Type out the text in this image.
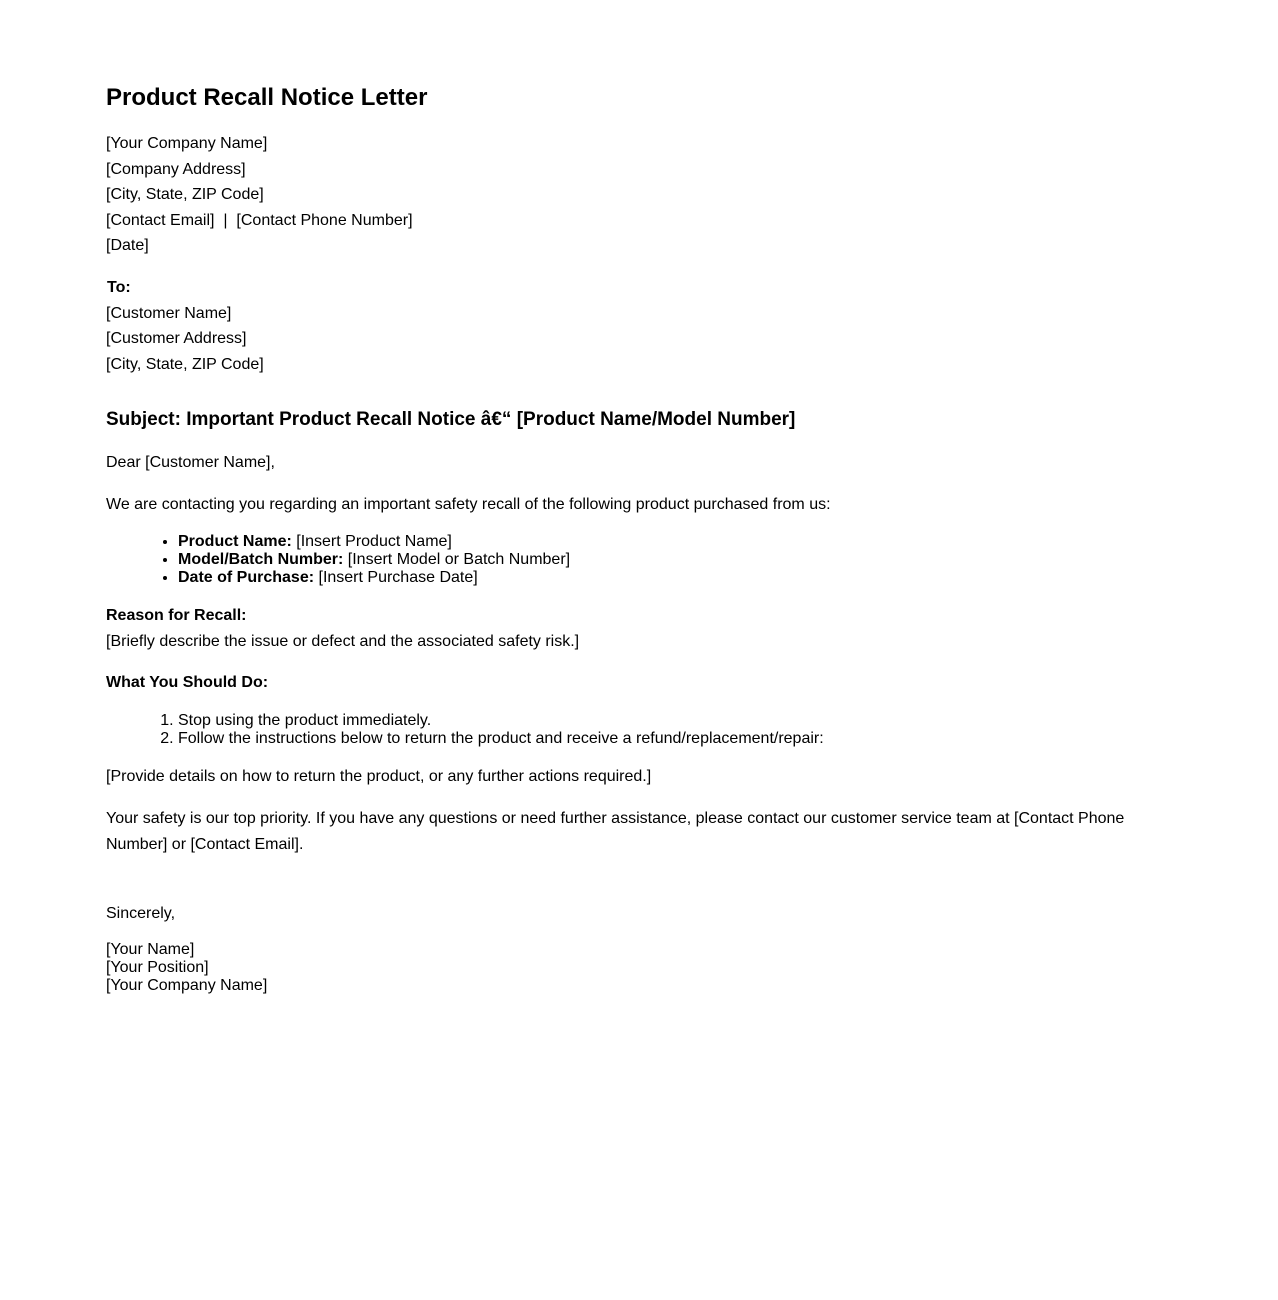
Product Recall Notice Letter
[Your Company Name]
[Company Address]
[City, State, ZIP Code]
[Contact Email]  |  [Contact Phone Number]
[Date]
To:
[Customer Name]
[Customer Address]
[City, State, ZIP Code]
Subject: Important Product Recall Notice â€“ [Product Name/Model Number]
Dear [Customer Name],
We are contacting you regarding an important safety recall of the following product purchased from us:
• Product Name: [Insert Product Name]
• Model/Batch Number: [Insert Model or Batch Number]
• Date of Purchase: [Insert Purchase Date]
Reason for Recall:
[Briefly describe the issue or defect and the associated safety risk.]
What You Should Do:
1. Stop using the product immediately.
2. Follow the instructions below to return the product and receive a refund/replacement/repair:
[Provide details on how to return the product, or any further actions required.]
Your safety is our top priority. If you have any questions or need further assistance, please contact our customer service team at [Contact Phone Number] or [Contact Email].
Sincerely,
[Your Name]
[Your Position]
[Your Company Name]
